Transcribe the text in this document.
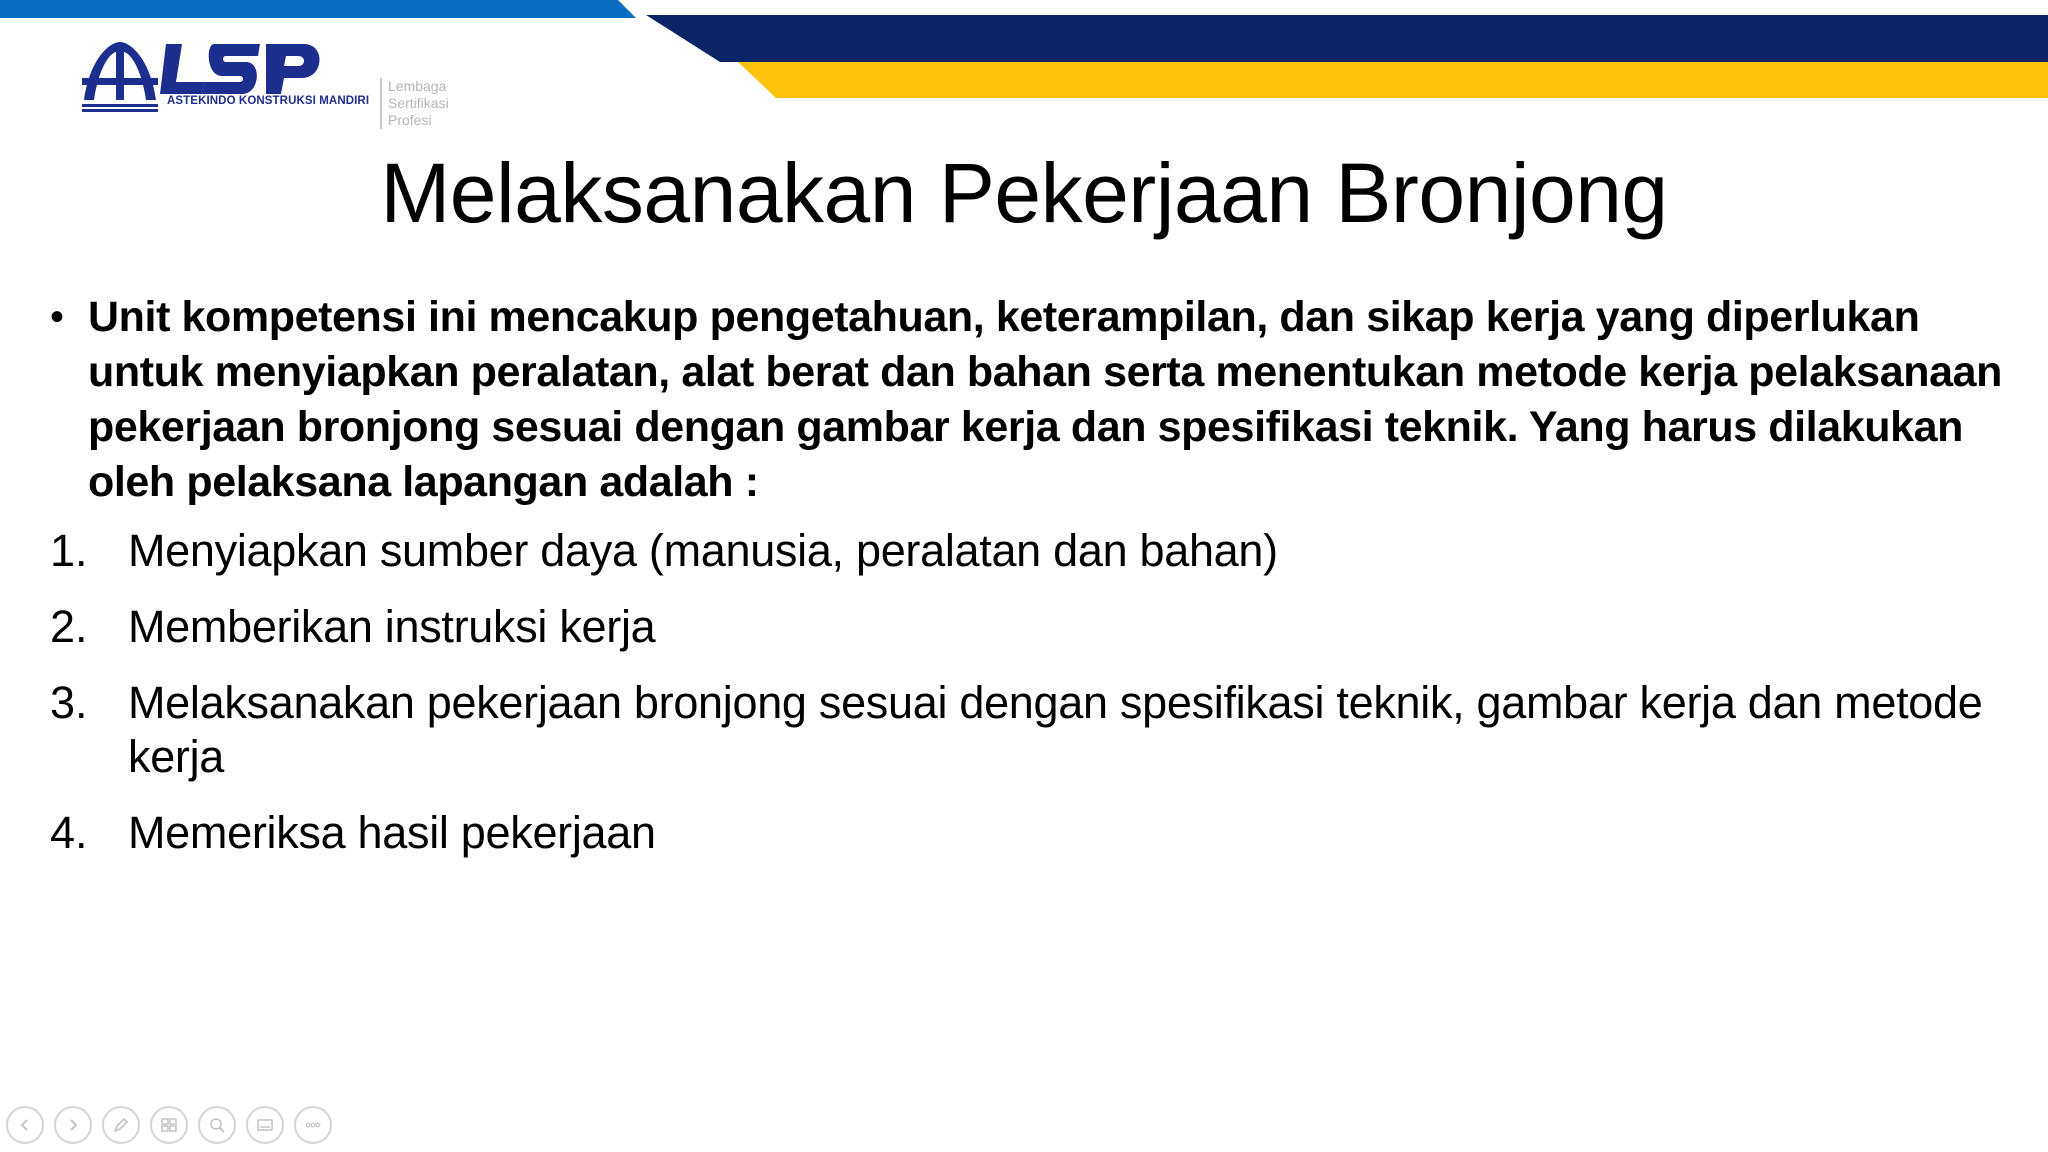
Lembaga
Sertifikasi
Profesi
ASTEKINDO KONSTRUKSI MANDIRI
Melaksanakan Pekerjaan Bronjong
• Unit kompetensi ini mencakup pengetahuan, keterampilan, dan sikap kerja yang diperlukan untuk menyiapkan peralatan, alat berat dan bahan serta menentukan metode kerja pelaksanaan pekerjaan bronjong sesuai dengan gambar kerja dan spesifikasi teknik. Yang harus dilakukan oleh pelaksana lapangan adalah :

1. Menyiapkan sumber daya (manusia, peralatan dan bahan)
2. Memberikan instruksi kerja
3. Melaksanakan pekerjaan bronjong sesuai dengan spesifikasi teknik, gambar kerja dan metode kerja
4. Memeriksa hasil pekerjaan
